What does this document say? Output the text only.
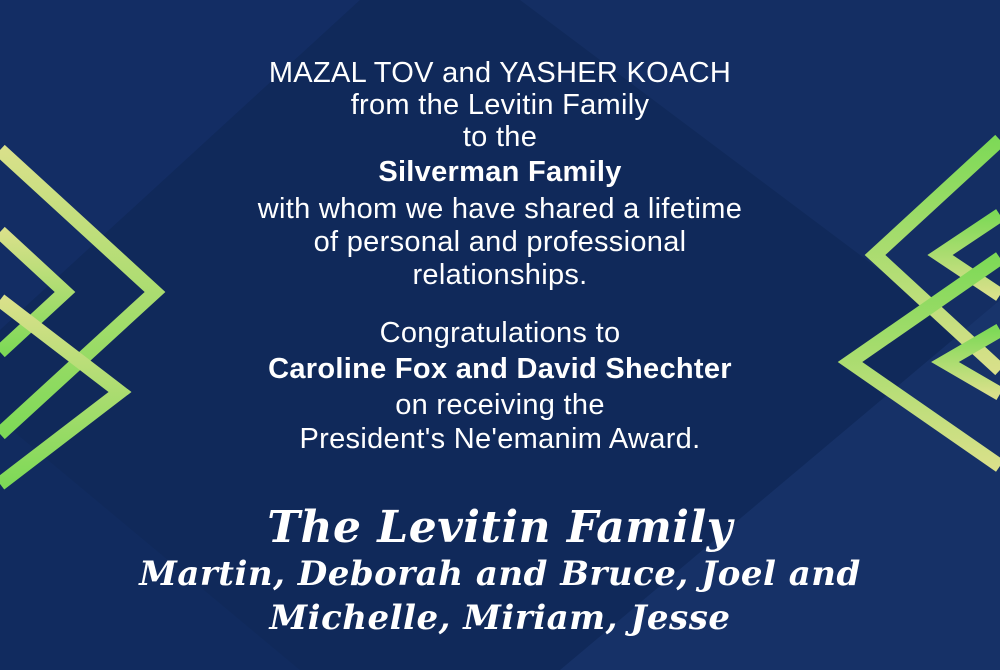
MAZAL TOV and YASHER KOACH
from the Levitin Family
to the
Silverman Family
with whom we have shared a lifetime
of personal and professional
relationships.
Congratulations to
Caroline Fox and David Shechter
on receiving the
President's Ne'emanim Award.
The Levitin Family
Martin, Deborah and Bruce, Joel and
Michelle, Miriam, Jesse
